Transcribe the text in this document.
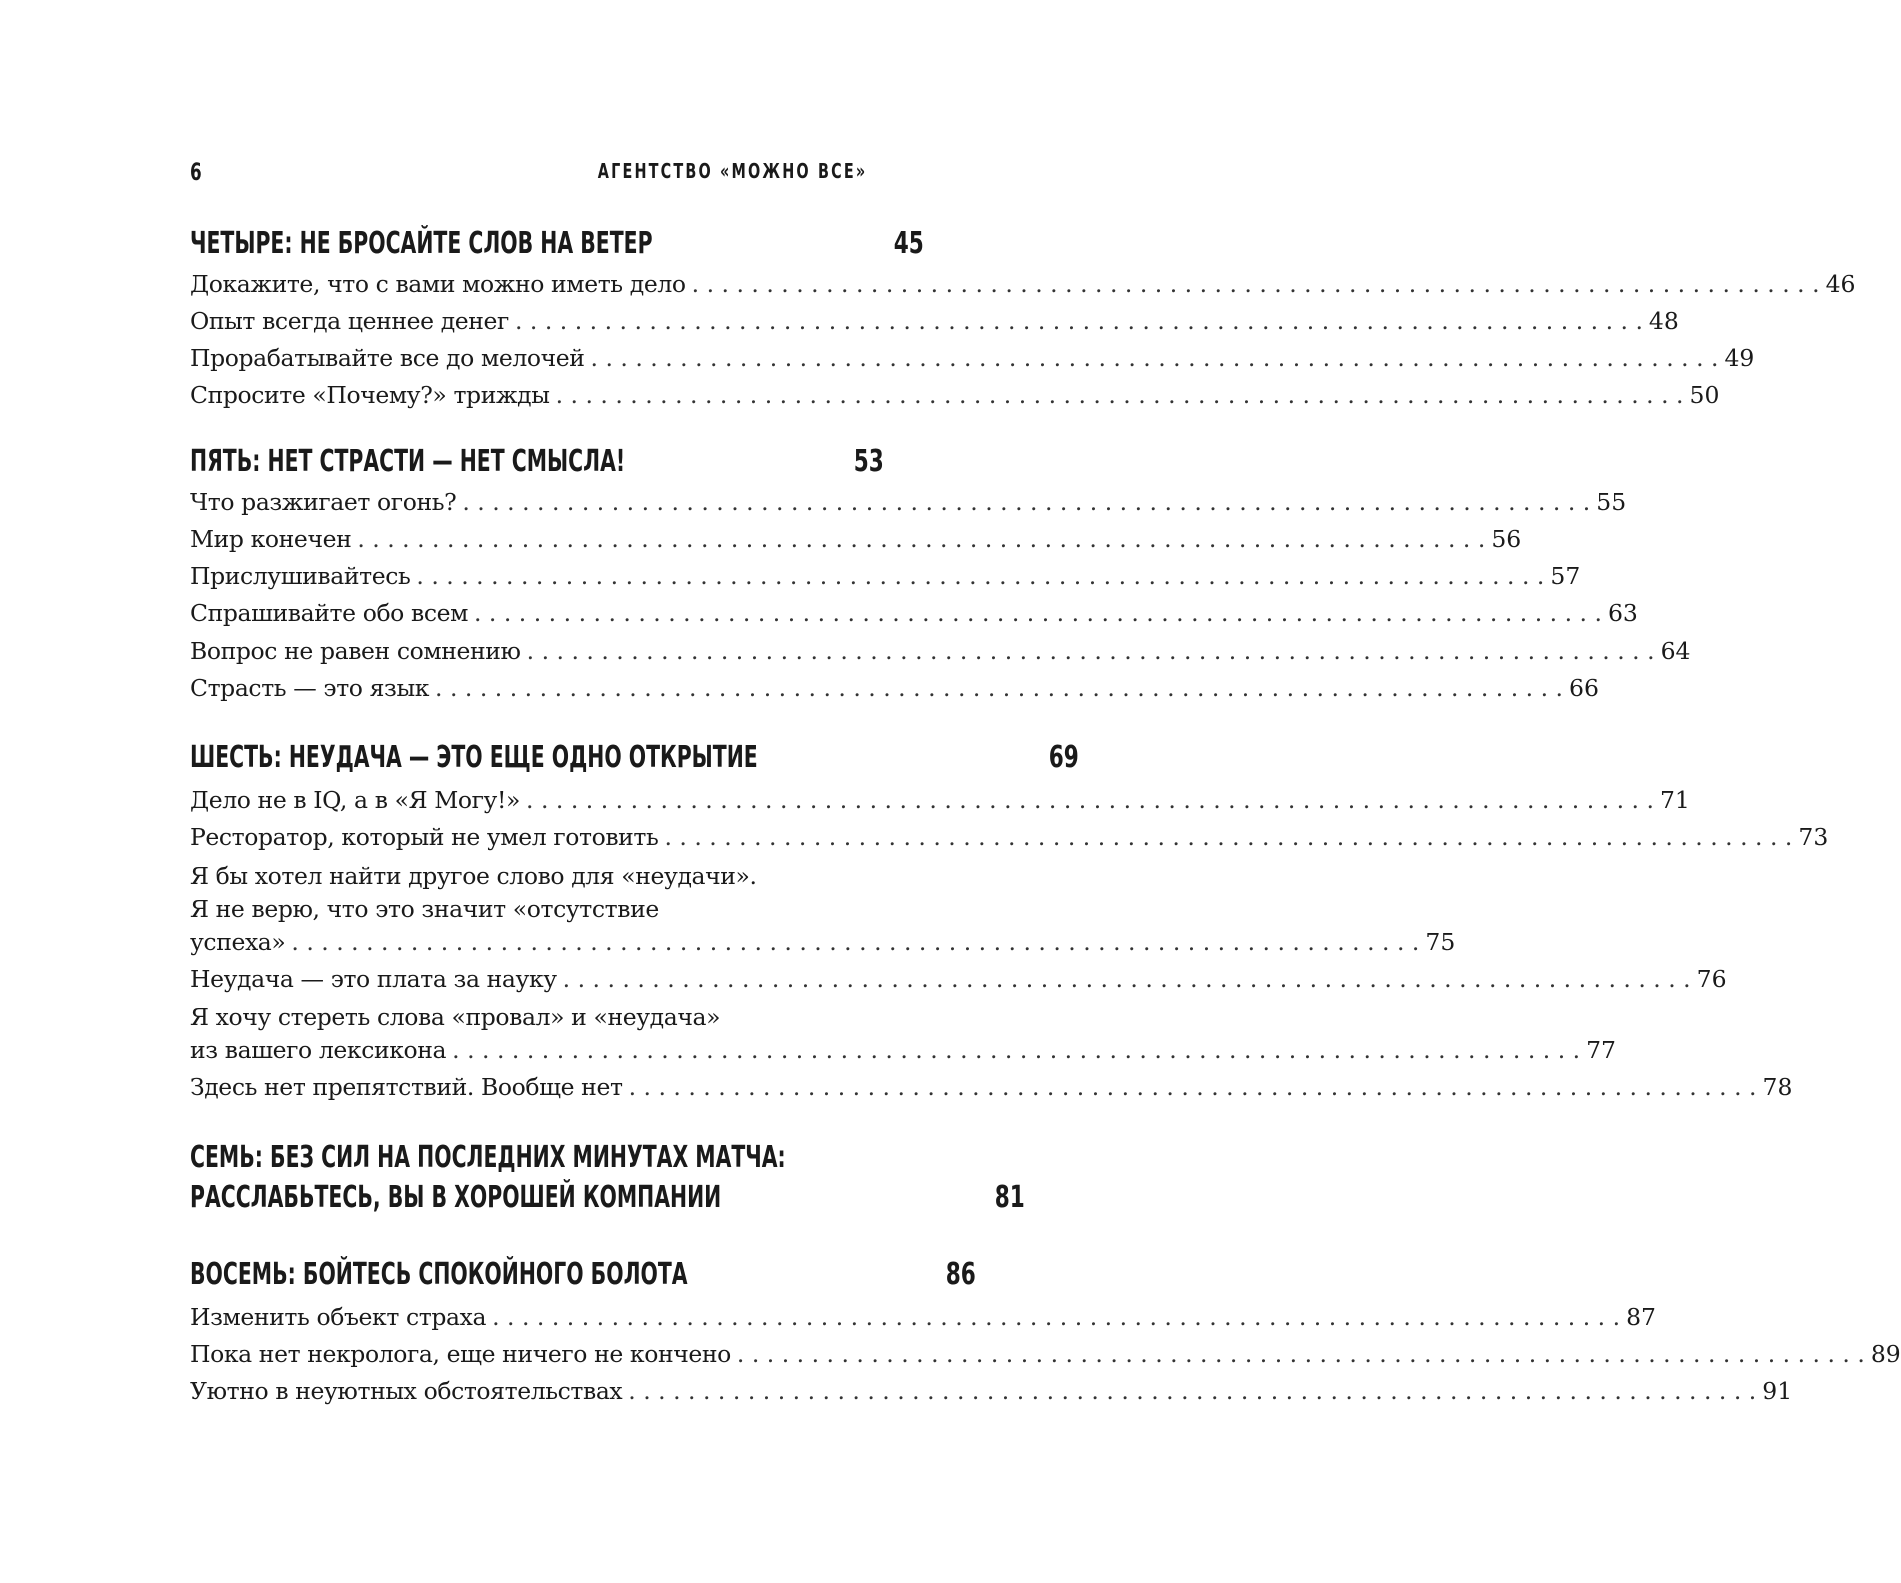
6	АГЕНТСТВО «МОЖНО ВСЕ»
ЧЕТЫРЕ: НЕ БРОСАЙТЕ СЛОВ НА ВЕТЕР	45
Докажите, что с вами можно иметь дело . . .	46
Опыт всегда ценнее денег . . .	48
Прорабатывайте все до мелочей . . .	49
Спросите «Почему?» трижды . . .	50
ПЯТЬ: НЕТ СТРАСТИ — НЕТ СМЫСЛА!	53
Что разжигает огонь? . . .	55
Мир конечен . . .	56
Прислушивайтесь . . .	57
Спрашивайте обо всем . . .	63
Вопрос не равен сомнению . . .	64
Страсть — это язык . . .	66
ШЕСТЬ: НЕУДАЧА — ЭТО ЕЩЕ ОДНО ОТКРЫТИЕ	69
Дело не в IQ, а в «Я Могу!» . . .	71
Ресторатор, который не умел готовить . . .	73
Я бы хотел найти другое слово для «неудачи».
Я не верю, что это значит «отсутствие
успеха» . . .	75
Неудача — это плата за науку . . .	76
Я хочу стереть слова «провал» и «неудача»
из вашего лексикона . . .	77
Здесь нет препятствий. Вообще нет . . .	78
СЕМЬ: БЕЗ СИЛ НА ПОСЛЕДНИХ МИНУТАХ МАТЧА:
РАССЛАБЬТЕСЬ, ВЫ В ХОРОШЕЙ КОМПАНИИ	81
ВОСЕМЬ: БОЙТЕСЬ СПОКОЙНОГО БОЛОТА	86
Изменить объект страха . . .	87
Пока нет некролога, еще ничего не кончено . . .	89
Уютно в неуютных обстоятельствах . . .	91
